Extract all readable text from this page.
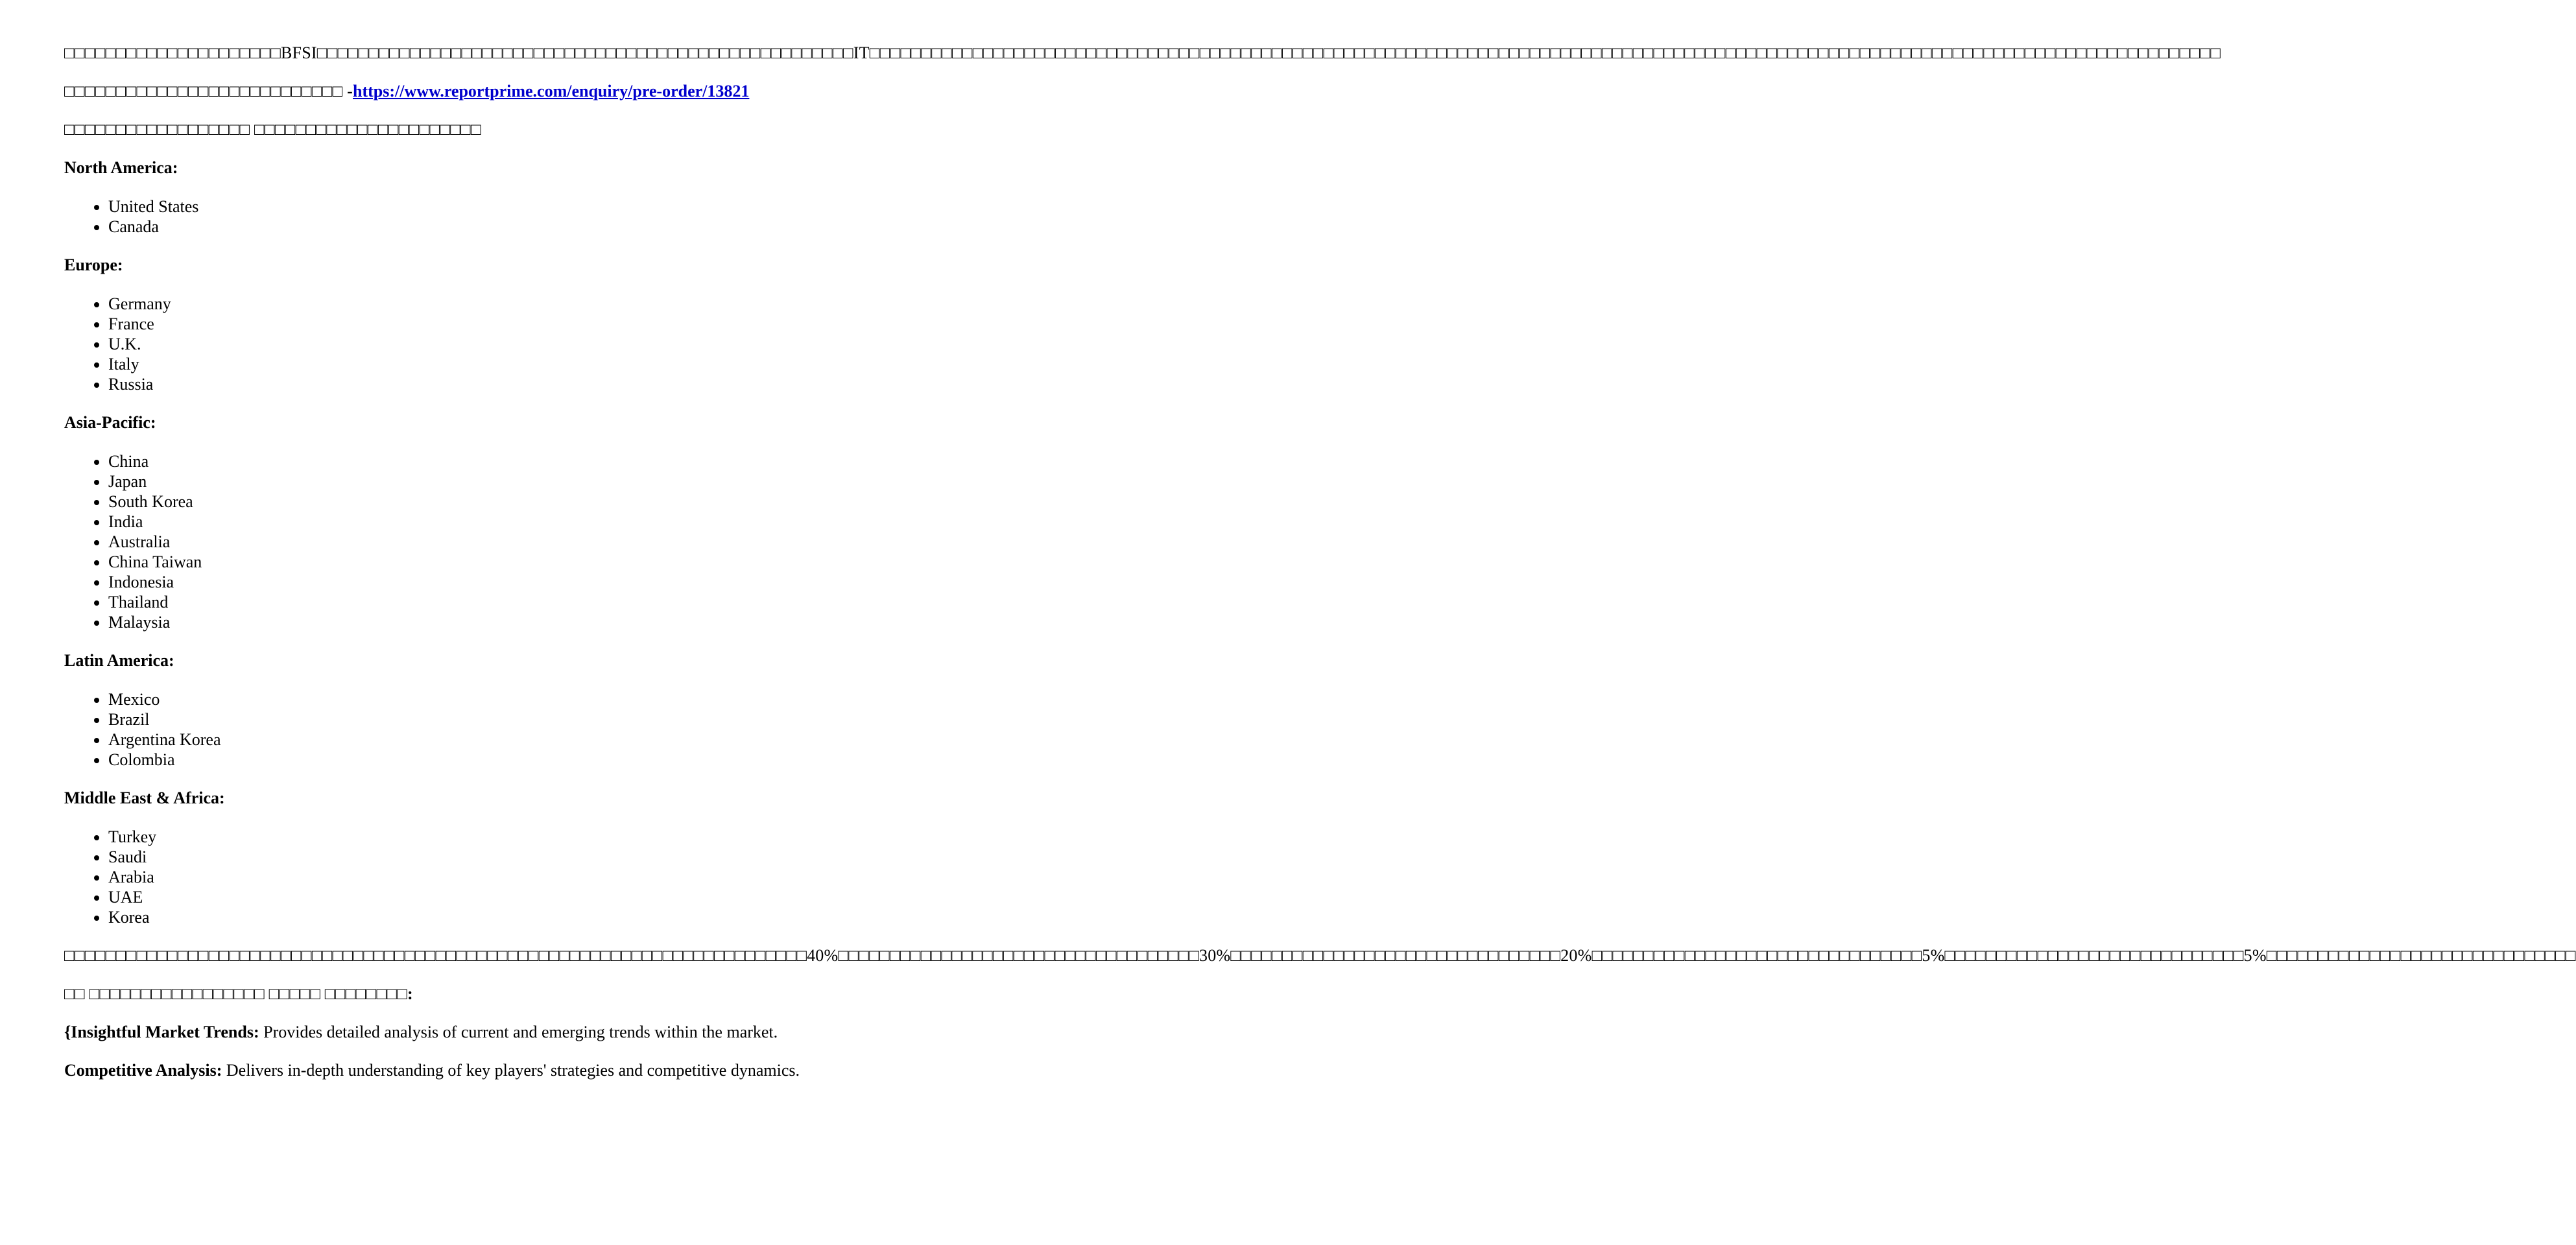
□□□□□□□□□□□□□□□□□□□□□BFSI□□□□□□□□□□□□□□□□□□□□□□□□□□□□□□□□□□□□□□□□□□□□□□□□□□□□IT□□□□□□□□□□□□□□□□□□□□□□□□□□□□□□□□□□□□□□□□□□□□□□□□□□□□□□□□□□□□□□□□□□□□□□□□□□□□□□□□□□□□□□□□□□□□□□□□□□□□□□□□□□□□□□□□□□□□□□□□□□□□□□□□□□□

□□□□□□□□□□□□□□□□□□□□□□□□□□□ -https://www.reportprime.com/enquiry/pre-order/13821

□□□□□□□□□□□□□□□□□□ □□□□□□□□□□□□□□□□□□□□□□

North America:

• United States
• Canada

Europe:

• Germany
• France
• U.K.
• Italy
• Russia

Asia-Pacific:

• China
• Japan
• South Korea
• India
• Australia
• China Taiwan
• Indonesia
• Thailand
• Malaysia

Latin America:

• Mexico
• Brazil
• Argentina Korea
• Colombia

Middle East & Africa:

• Turkey
• Saudi
• Arabia
• UAE
• Korea

□□□□□□□□□□□□□□□□□□□□□□□□□□□□□□□□□□□□□□□□□□□□□□□□□□□□□□□□□□□□□□□□□□□□□□□□40%□□□□□□□□□□□□□□□□□□□□□□□□□□□□□□□□□□□30%□□□□□□□□□□□□□□□□□□□□□□□□□□□□□□□□20%□□□□□□□□□□□□□□□□□□□□□□□□□□□□□□□□5%□□□□□□□□□□□□□□□□□□□□□□□□□□□□□5%□□□□□□□□□□□□□□□□□□□□□□□□□□□□□□

□□ □□□□□□□□□□□□□□□□□ □□□□□ □□□□□□□□:

{Insightful Market Trends: Provides detailed analysis of current and emerging trends within the market.

Competitive Analysis: Delivers in-depth understanding of key players' strategies and competitive dynamics.
